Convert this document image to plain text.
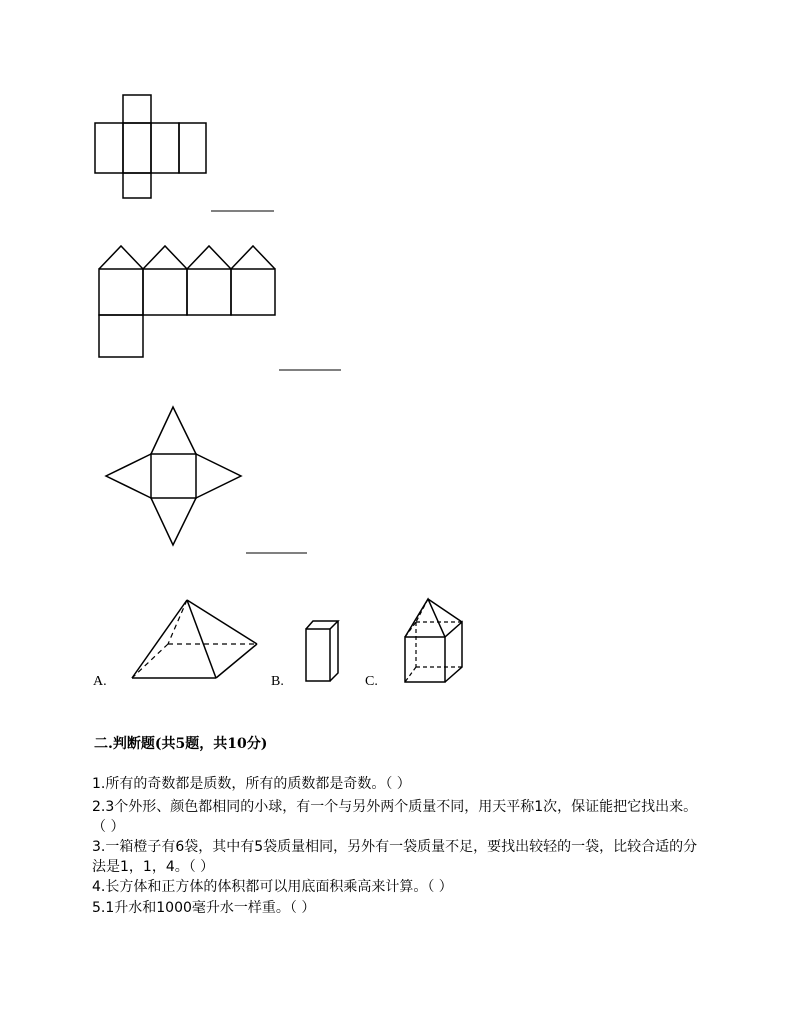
A.	B.	C.
二.判断题(共5题，共10分)
1.所有的奇数都是质数，所有的质数都是奇数。（ ）
2.3个外形、颜色都相同的小球，有一个与另外两个质量不同，用天平称1次，保证能把它找出来。（ ）
3.一箱橙子有6袋，其中有5袋质量相同，另外有一袋质量不足，要找出较轻的一袋，比较合适的分法是1，1，4。（ ）
4.长方体和正方体的体积都可以用底面积乘高来计算。（ ）
5.1升水和1000毫升水一样重。（ ）
